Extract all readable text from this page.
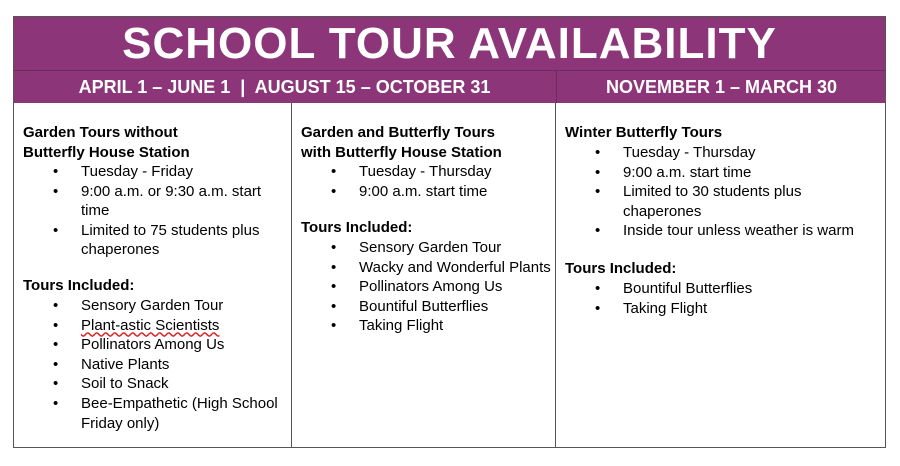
SCHOOL TOUR AVAILABILITY
APRIL 1 – JUNE 1  |  AUGUST 15 – OCTOBER 31	NOVEMBER 1 – MARCH 30
Garden Tours without
Butterfly House Station
• Tuesday - Friday
• 9:00 a.m. or 9:30 a.m. start time
• Limited to 75 students plus chaperones
Tours Included:
• Sensory Garden Tour
• Plant-astic Scientists
• Pollinators Among Us
• Native Plants
• Soil to Snack
• Bee-Empathetic (High School Friday only)
Garden and Butterfly Tours
with Butterfly House Station
• Tuesday - Thursday
• 9:00 a.m. start time
Tours Included:
• Sensory Garden Tour
• Wacky and Wonderful Plants
• Pollinators Among Us
• Bountiful Butterflies
• Taking Flight
Winter Butterfly Tours
• Tuesday - Thursday
• 9:00 a.m. start time
• Limited to 30 students plus chaperones
• Inside tour unless weather is warm
Tours Included:
• Bountiful Butterflies
• Taking Flight
